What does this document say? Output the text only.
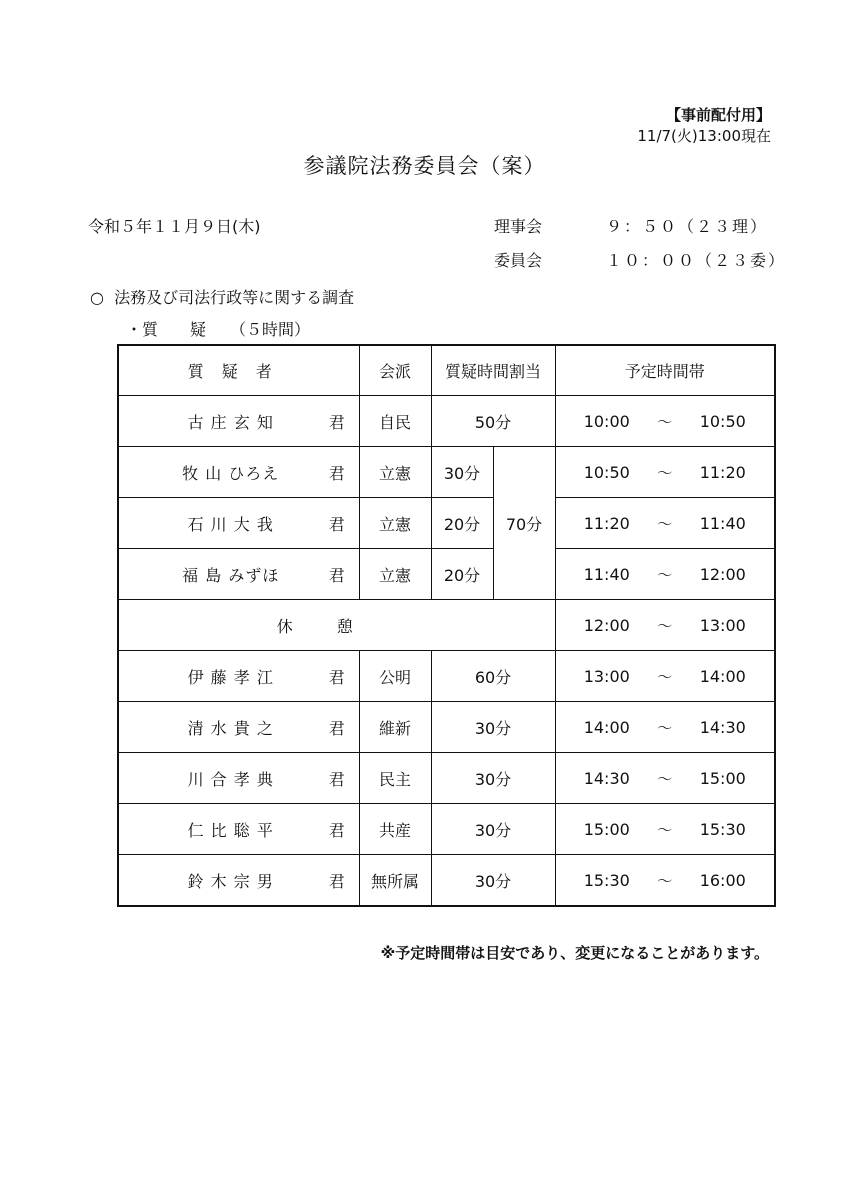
【事前配付用】
11/7(火)13:00現在
参議院法務委員会（案）
令和５年１１月９日(木)	理事会	９：５０（２３理）
委員会	１０：００（２３委）
○ 法務及び司法行政等に関する調査
・質　　疑　　（５時間）
質疑者	会派	質疑時間割当		予定時間帯
古 庄 玄 知 君	自民	50分		10:00 〜 10:50
牧 山 ひろえ 君	立憲	30分	70分	10:50 〜 11:20
石 川 大 我 君	立憲	20分		11:20 〜 11:40
福 島 みずほ 君	立憲	20分		11:40 〜 12:00
休憩				12:00 〜 13:00
伊 藤 孝 江 君	公明	60分		13:00 〜 14:00
清 水 貴 之 君	維新	30分		14:00 〜 14:30
川 合 孝 典 君	民主	30分		14:30 〜 15:00
仁 比 聡 平 君	共産	30分		15:00 〜 15:30
鈴 木 宗 男 君	無所属	30分		15:30 〜 16:00
※予定時間帯は目安であり、変更になることがあります。
